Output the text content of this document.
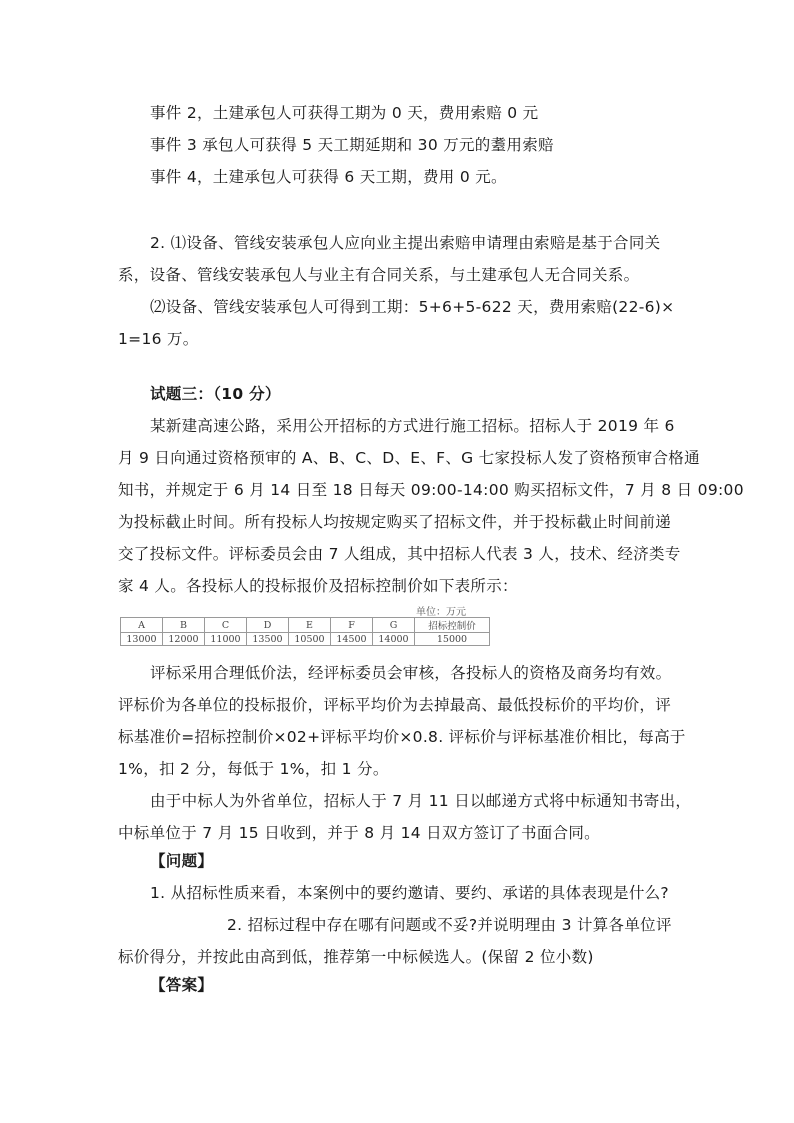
事件 2，土建承包人可获得工期为 0 天，费用索赔 0 元
事件 3 承包人可获得 5 天工期延期和 30 万元的耋用索赔
事件 4，土建承包人可获得 6 天工期，费用 0 元。
2. ⑴设备、管线安装承包人应向业主提出索赔申请理由索赔是基于合同关
系，设备、管线安装承包人与业主有合同关系，与土建承包人无合同关系。
⑵设备、管线安装承包人可得到工期：5+6+5-622 天，费用索赔(22-6)×
1=16 万。
试题三：（10 分）
某新建高速公路，采用公开招标的方式进行施工招标。招标人于 2019 年 6
月 9 日向通过资格预审的 A、B、C、D、E、F、G 七家投标人发了资格预审合格通
知书，并规定于 6 月 14 日至 18 日每天 09:00-14:00 购买招标文件，7 月 8 日 09:00
为投标截止时间。所有投标人均按规定购买了招标文件，并于投标截止时间前递
交了投标文件。评标委员会由 7 人组成，其中招标人代表 3 人，技术、经济类专
家 4 人。各投标人的投标报价及招标控制价如下表所示：
单位：万元
A	B	C	D	E	F	G	招标控制价
13000	12000	11000	13500	10500	14500	14000	15000
评标采用合理低价法，经评标委员会审核，各投标人的资格及商务均有效。
评标价为各单位的投标报价，评标平均价为去掉最高、最低投标价的平均价，评
标基准价=招标控制价×02+评标平均价×0.8. 评标价与评标基准价相比，每高于
1%，扣 2 分，每低于 1%，扣 1 分。
由于中标人为外省单位，招标人于 7 月 11 日以邮递方式将中标通知书寄出，
中标单位于 7 月 15 日收到，并于 8 月 14 日双方签订了书面合同。
【问题】
1. 从招标性质来看，本案例中的要约邀请、要约、承诺的具体表现是什么?
2. 招标过程中存在哪有问题或不妥?并说明理由 3 计算各单位评
标价得分，并按此由高到低，推荐第一中标候选人。(保留 2 位小数)
【答案】
